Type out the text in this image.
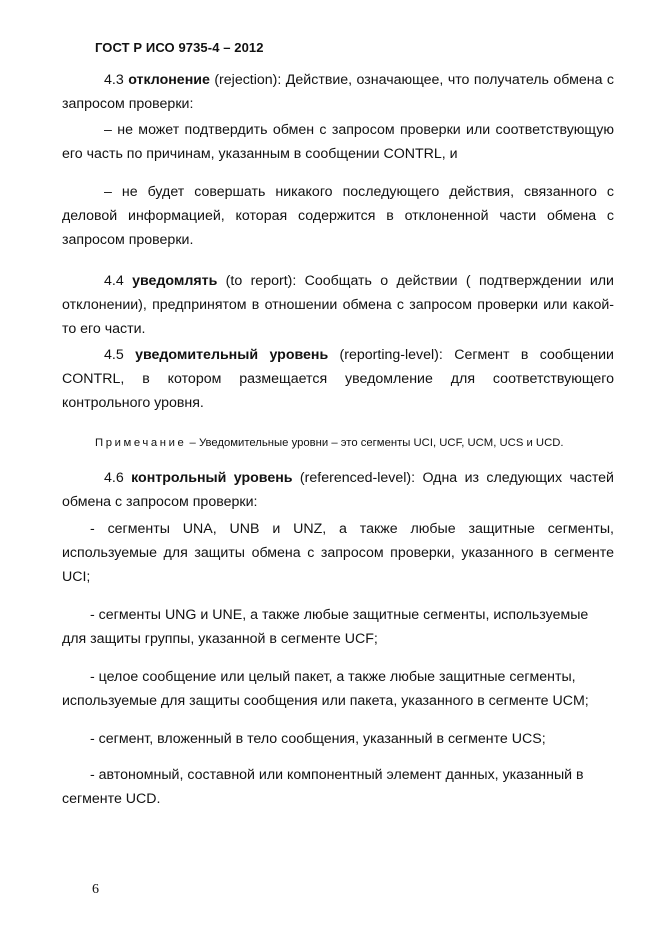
ГОСТ Р ИСО 9735-4 – 2012

4.3 отклонение (rejection): Действие, означающее, что получатель обмена с запросом проверки:

– не может подтвердить обмен с запросом проверки или соответствующую его часть по причинам, указанным в сообщении CONTRL, и

– не будет совершать никакого последующего действия, связанного с деловой информацией, которая содержится в отклоненной части обмена с запросом проверки.

4.4 уведомлять (to report): Сообщать о действии ( подтверждении или отклонении), предпринятом в отношении обмена с запросом проверки или какой-то его части.

4.5 уведомительный уровень (reporting-level): Сегмент в сообщении CONTRL, в котором размещается уведомление для соответствующего контрольного уровня.

Примечание – Уведомительные уровни – это сегменты UCI, UCF, UCM, UCS и UCD.

4.6 контрольный уровень (referenced-level): Одна из следующих частей обмена с запросом проверки:

- сегменты UNA, UNB и UNZ, а также любые защитные сегменты, используемые для защиты обмена с запросом проверки, указанного в сегменте UCI;

- сегменты UNG и UNE, а также любые защитные сегменты, используемые для защиты группы, указанной в сегменте UCF;

- целое сообщение или целый пакет, а также любые защитные сегменты, используемые для защиты сообщения или пакета, указанного в сегменте UCM;

- сегмент, вложенный в тело сообщения, указанный в сегменте UCS;

- автономный, составной или компонентный элемент данных, указанный в сегменте UCD.

6
